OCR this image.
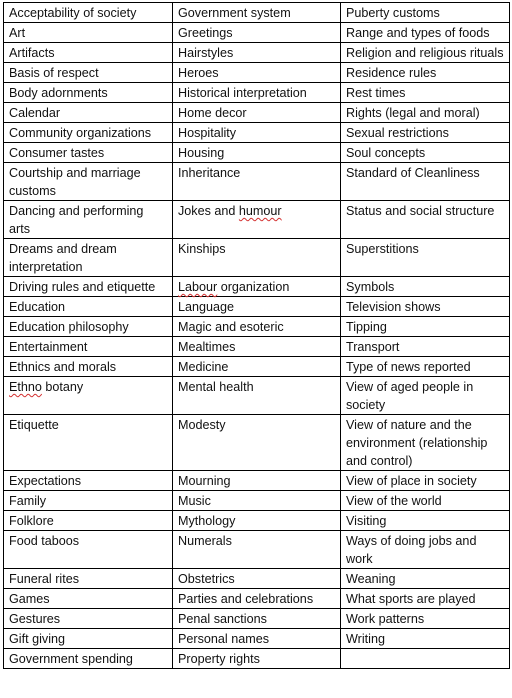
Acceptability of society	Government system	Puberty customs
Art	Greetings	Range and types of foods
Artifacts	Hairstyles	Religion and religious rituals
Basis of respect	Heroes	Residence rules
Body adornments	Historical interpretation	Rest times
Calendar	Home decor	Rights (legal and moral)
Community organizations	Hospitality	Sexual restrictions
Consumer tastes	Housing	Soul concepts
Courtship and marriage customs	Inheritance	Standard of Cleanliness
Dancing and performing arts	Jokes and humour	Status and social structure
Dreams and dream interpretation	Kinships	Superstitions
Driving rules and etiquette	Labour organization	Symbols
Education	Language	Television shows
Education philosophy	Magic and esoteric	Tipping
Entertainment	Mealtimes	Transport
Ethnics and morals	Medicine	Type of news reported
Ethno botany	Mental health	View of aged people in society
Etiquette	Modesty	View of nature and the environment (relationship and control)
Expectations	Mourning	View of place in society
Family	Music	View of the world
Folklore	Mythology	Visiting
Food taboos	Numerals	Ways of doing jobs and work
Funeral rites	Obstetrics	Weaning
Games	Parties and celebrations	What sports are played
Gestures	Penal sanctions	Work patterns
Gift giving	Personal names	Writing
Government spending	Property rights	
